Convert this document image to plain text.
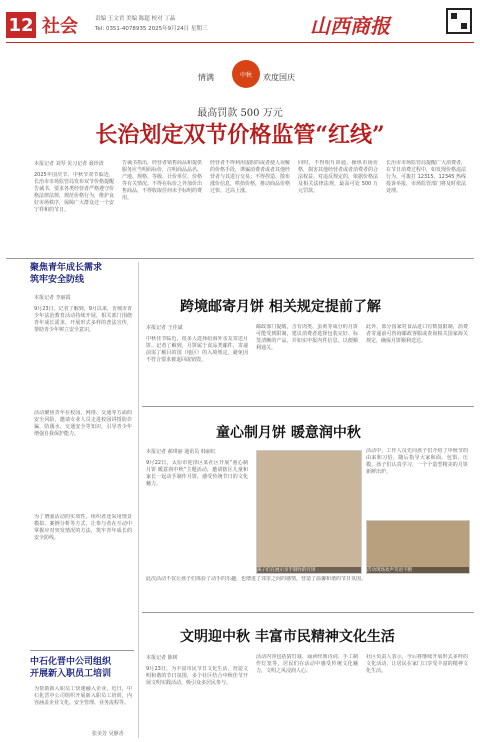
12 社会	责编 王文君 美编 陈超 校对 丁晶
Tel: 0351-4078935 2025年9月24日 星期三	山西商报
情满	中秋	欢度国庆
最高罚款 500 万元
长治划定双节价格监管“红线”
本报记者 刘琴 见习记者 聂珍清
2025年国庆节、中秋节双节临近，长治市市场监管局发布双节价格提醒告诫书，要求各类经营者严格遵守价格法律法规，规范价格行为，维护良好市场秩序，保障广大群众过一个安宁祥和的节日。
告诫书指出，经营者销售商品和提供服务应当明码标价，注明商品品名、产地、规格、等级、计价单位、价格等有关情况。不得在标价之外加价出售商品，不得收取任何未予标明的费用。
经营者不得利用虚假的或者使人误解的价格手段，诱骗消费者或者其他经营者与其进行交易；不得捏造、散布涨价信息，哄抬价格，推动商品价格过快、过高上涨。
同时，不得相互串通，操纵市场价格，损害其他经营者或者消费者的合法权益。对违反规定的，依据价格法及相关法律法规，最高可处 500 万元罚款。
长治市市场监管局提醒广大消费者，在节日消费过程中，如发现价格违法行为，可拨打 12315、12345 热线投诉举报，市场监管部门将及时依法处理。
聚焦青年成长需求
筑牢安全防线
本报记者 李丽霞
9月23日，记者了解到，9月以来，晋城市青少年法治教育活动持续开展，相关部门围绕青年成长需求，开展形式多样的普法宣传，帮助青少年树立安全意识。
活动聚焦青年在校园、网络、交通等方面的安全风险，邀请专业人员走进校园讲授防诈骗、防溺水、交通安全等知识，引导青少年增强自我保护能力。
为了增强活动的实效性，组织者还采用情景模拟、案例分析等方式，让参与者在互动中掌握应对突发情况的方法，筑牢青年成长的安全防线。
中石化晋中公司组织
开展新入职员工培训
为帮助新入职员工快速融入企业，近日，中石化晋中公司组织开展新入职员工培训，内容涵盖企业文化、安全管理、业务流程等。
张美芳 吴静香
跨境邮寄月饼 相关规定提前了解
本报记者 王佳斌
中秋佳节临近，很多人选择给海外亲友寄送月饼。记者了解到，月饼属于食品类邮件，寄递前需了解目的国（地区）的入境规定，避免因不符合要求被退回或销毁。
邮政部门提醒，含有肉类、蛋黄等成分的月饼可能受到限制，建议消费者选择包装完好、标签清晰的产品，并如实申报内件信息，以便顺利通关。
此外，部分国家对食品进口有数量限制，消费者寄递前可咨询邮政客服或查询相关国家海关规定，确保月饼顺利送达。
童心制月饼 暖意润中秋
本报记者 郝琪丽 通讯员 韩丽红
9月22日，太原市迎泽区某社区开展“童心制月饼 暖意润中秋”主题活动，邀请辖区儿童和家长一起动手制作月饼，感受传统节日的文化魅力。
活动中，工作人员先向孩子们介绍了中秋节的由来和习俗，随后指导大家和面、包馅、压模。孩子们认真学习，一个个造型精美的月饼新鲜出炉。
孩子们在展示亲手制作的月饼	活动现场欢声笑语不断
此次活动不仅让孩子们体验了动手的乐趣，也增进了邻里之间的感情，营造了温馨和谐的节日氛围。
文明迎中秋 丰富市民精神文化生活
本报记者 陈树
9月23日，为丰富市民节日文化生活，营造文明和谐的节日氛围，多个社区结合中秋佳节开展文明实践活动，吸引众多居民参与。
活动内容包括猜灯谜、诵读经典诗词、手工制作灯笼等，居民们在活动中感受传统文化魅力，文明之风浸润人心。
社区负责人表示，今后将继续开展形式多样的文化活动，让居民在家门口享受丰富的精神文化生活。
